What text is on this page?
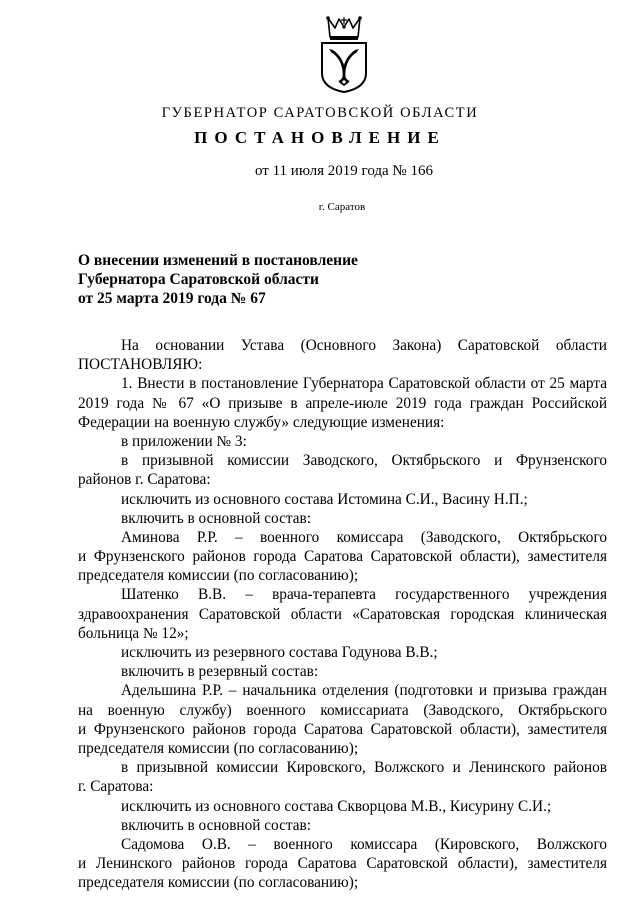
ГУБЕРНАТОР САРАТОВСКОЙ ОБЛАСТИ
ПОСТАНОВЛЕНИЕ
от 11 июля 2019 года № 166
г. Саратов
О внесении изменений в постановление
Губернатора Саратовской области
от 25 марта 2019 года № 67
На основании Устава (Основного Закона) Саратовской области
ПОСТАНОВЛЯЮ:
1. Внести в постановление Губернатора Саратовской области от 25 марта
2019 года № 67 «О призыве в апреле-июле 2019 года граждан Российской
Федерации на военную службу» следующие изменения:
в приложении № 3:
в призывной комиссии Заводского, Октябрьского и Фрунзенского
районов г. Саратова:
исключить из основного состава Истомина С.И., Васину Н.П.;
включить в основной состав:
Аминова Р.Р. – военного комиссара (Заводского, Октябрьского
и Фрунзенского районов города Саратова Саратовской области), заместителя
председателя комиссии (по согласованию);
Шатенко В.В. – врача-терапевта государственного учреждения
здравоохранения Саратовской области «Саратовская городская клиническая
больница № 12»;
исключить из резервного состава Годунова В.В.;
включить в резервный состав:
Адельшина Р.Р. – начальника отделения (подготовки и призыва граждан
на военную службу) военного комиссариата (Заводского, Октябрьского
и Фрунзенского районов города Саратова Саратовской области), заместителя
председателя комиссии (по согласованию);
в призывной комиссии Кировского, Волжского и Ленинского районов
г. Саратова:
исключить из основного состава Скворцова М.В., Кисурину С.И.;
включить в основной состав:
Садомова О.В. – военного комиссара (Кировского, Волжского
и Ленинского районов города Саратова Саратовской области), заместителя
председателя комиссии (по согласованию);
